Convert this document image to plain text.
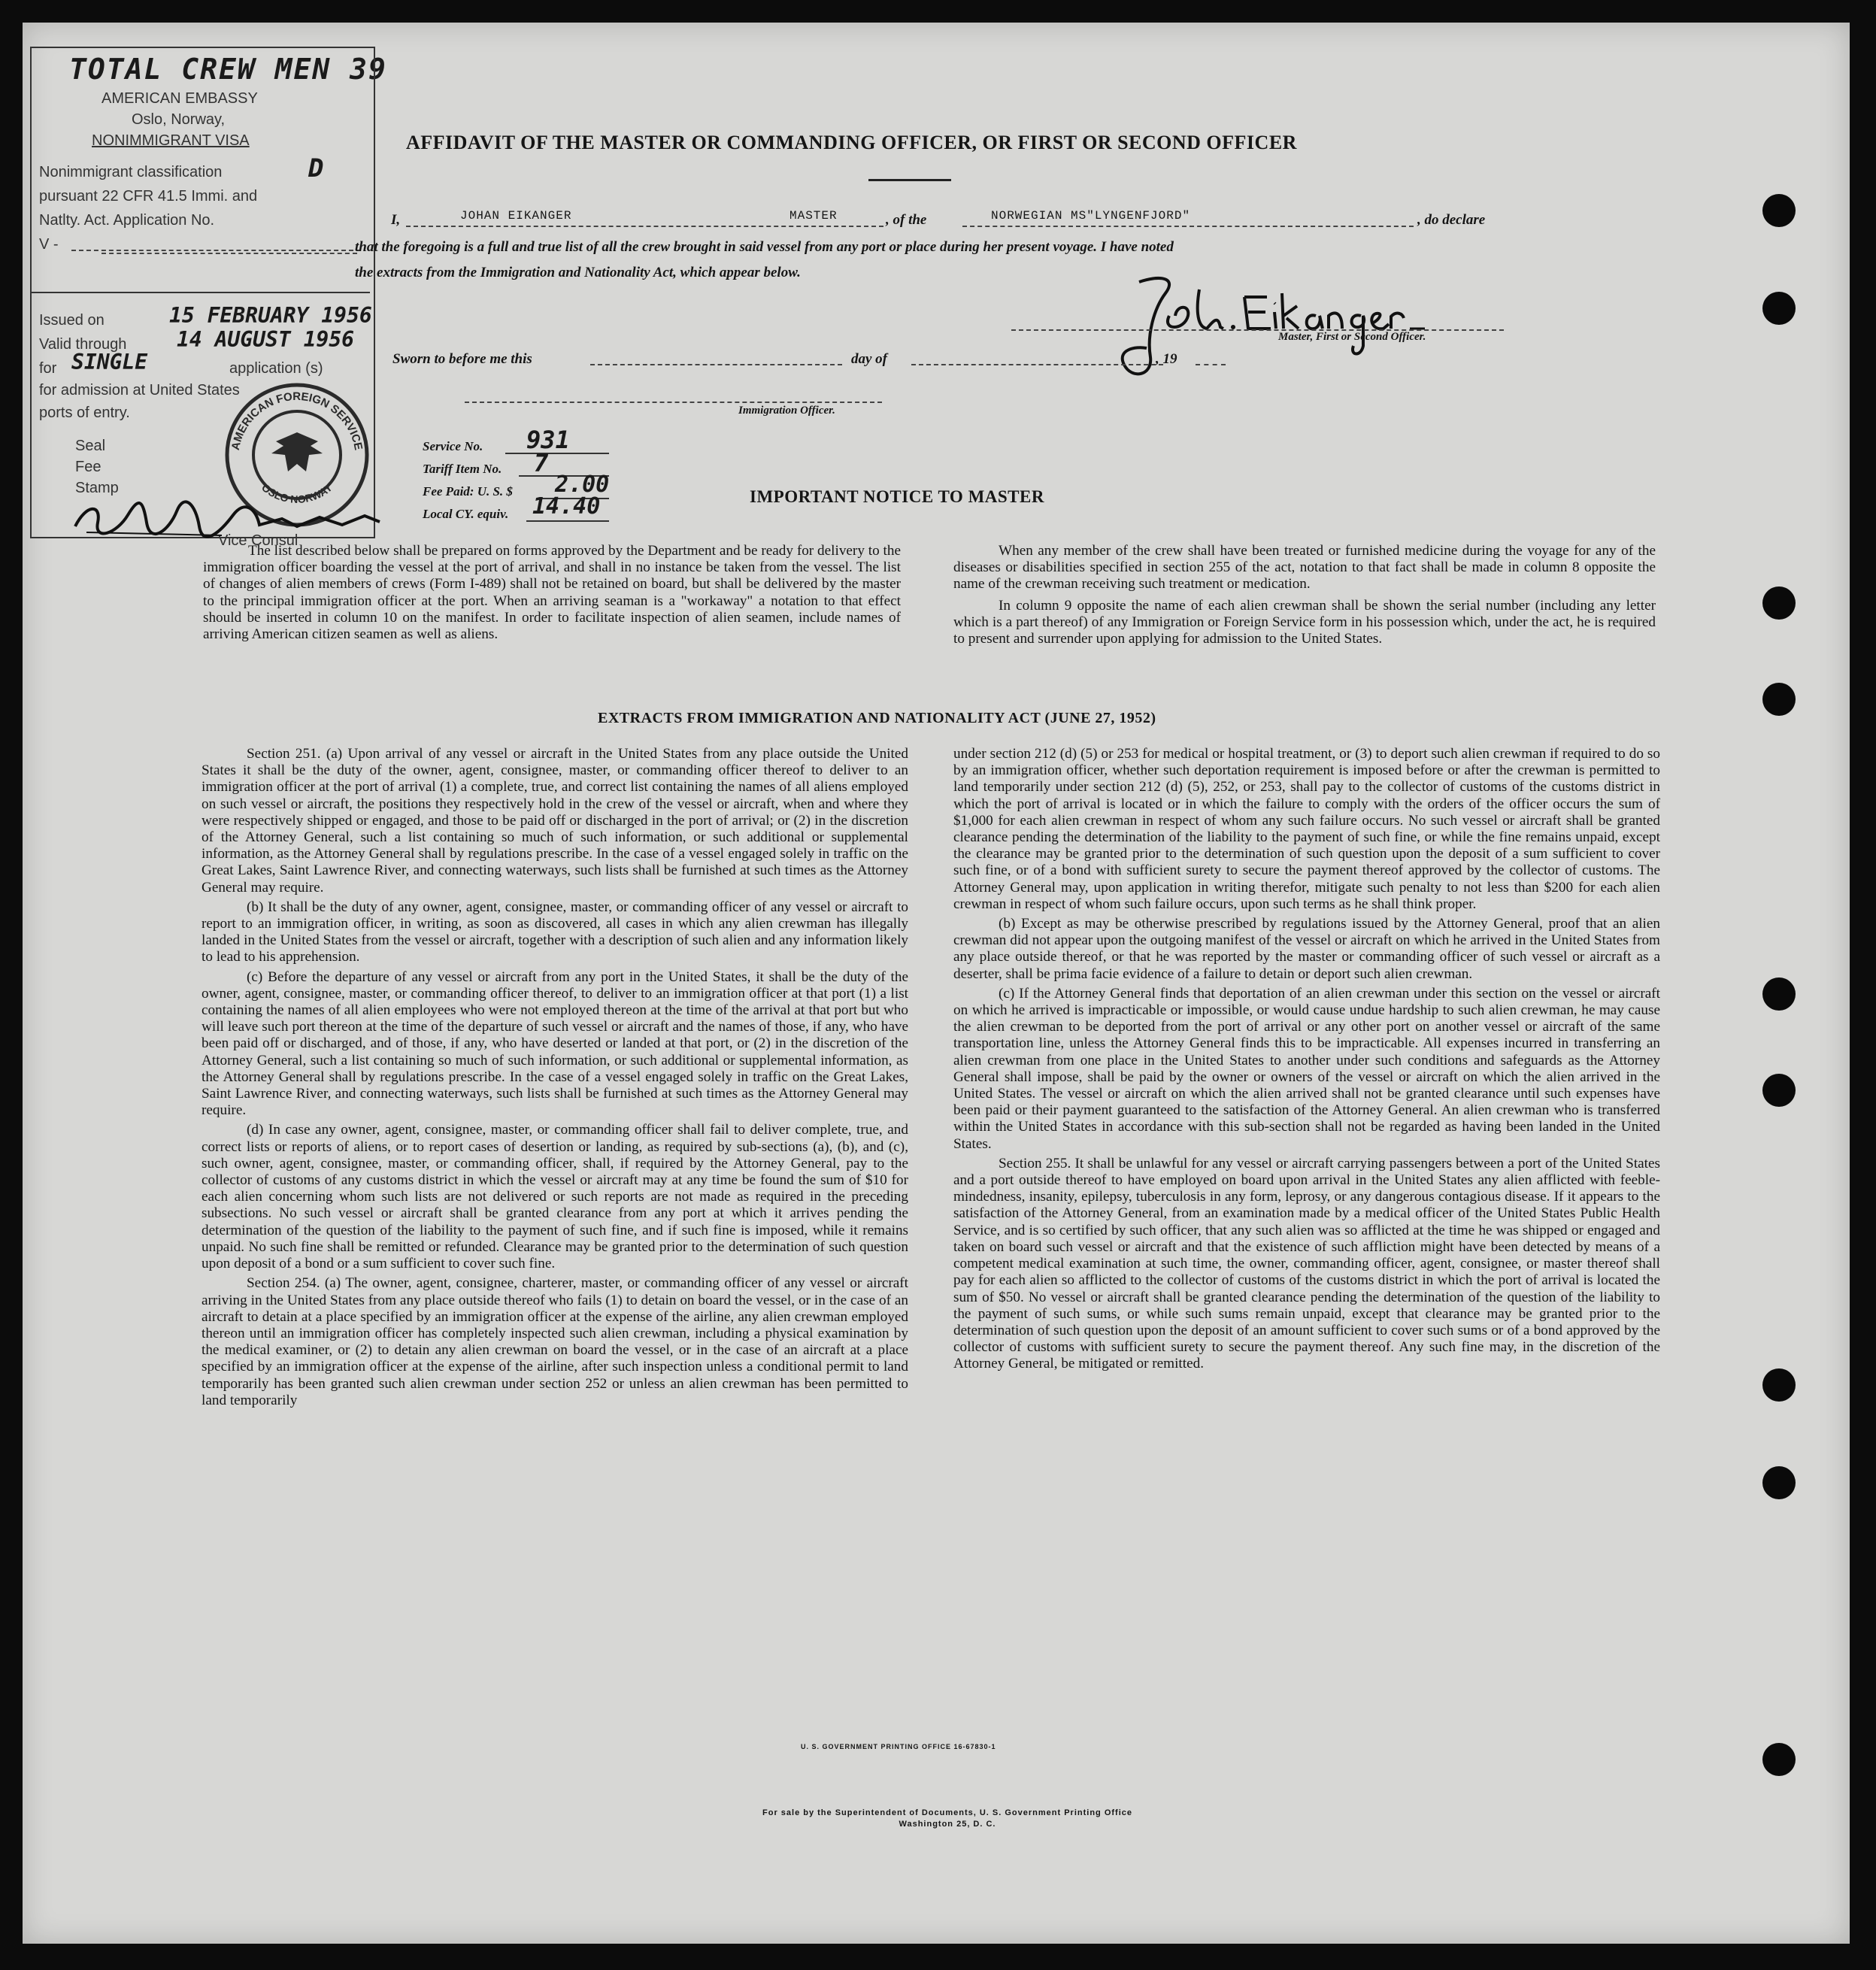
TOTAL CREW MEN 39
AMERICAN EMBASSY
Oslo, Norway,
NONIMMIGRANT VISA
Nonimmigrant classification	D
pursuant 22 CFR 41.5 Immi. and
Natlty. Act. Application No.
V -
Issued on	15 FEBRUARY 1956
Valid through 14 AUGUST 1956
for SINGLE	application (s)
for admission at United States
ports of entry.
Seal
Fee
Stamp
Vice Consul
AMERICAN FOREIGN SERVICE
OSLO NORWAY
AFFIDAVIT OF THE MASTER OR COMMANDING OFFICER, OR FIRST OR SECOND OFFICER
I,	JOHAN EIKANGER	MASTER	, of the	NORWEGIAN MS"LYNGENFJORD"	, do declare
that the foregoing is a full and true list of all the crew brought in said vessel from any port or place during her present voyage. I have noted
the extracts from the Immigration and Nationality Act, which appear below.
Master, First or Second Officer.
Sworn to before me this	day of	, 19
Immigration Officer.
Service No. 931
Tariff Item No. 7
Fee Paid: U. S. $ 2.00
Local CY. equiv. 14.40	IMPORTANT NOTICE TO MASTER

The list described below shall be prepared on forms approved by the Department and be ready for delivery to the immigration officer boarding the vessel at the port of arrival, and shall in no instance be taken from the vessel. The list of changes of alien members of crews (Form I-489) shall not be retained on board, but shall be delivered by the master to the principal immigration officer at the port. When an arriving seaman is a "workaway" a notation to that effect should be inserted in column 10 on the manifest. In order to facilitate inspection of alien seamen, include names of arriving American citizen seamen as well as aliens.

When any member of the crew shall have been treated or furnished medicine during the voyage for any of the diseases or disabilities specified in section 255 of the act, notation to that fact shall be made in column 8 opposite the name of the crewman receiving such treatment or medication.

In column 9 opposite the name of each alien crewman shall be shown the serial number (including any letter which is a part thereof) of any Immigration or Foreign Service form in his possession which, under the act, he is required to present and surrender upon applying for admission to the United States.

EXTRACTS FROM IMMIGRATION AND NATIONALITY ACT (JUNE 27, 1952)

Section 251. (a) Upon arrival of any vessel or aircraft in the United States from any place outside the United States it shall be the duty of the owner, agent, consignee, master, or commanding officer thereof to deliver to an immigration officer at the port of arrival (1) a complete, true, and correct list containing the names of all aliens employed on such vessel or aircraft, the positions they respectively hold in the crew of the vessel or aircraft, when and where they were respectively shipped or engaged, and those to be paid off or discharged in the port of arrival; or (2) in the discretion of the Attorney General, such a list containing so much of such information, or such additional or supplemental information, as the Attorney General shall by regulations prescribe. In the case of a vessel engaged solely in traffic on the Great Lakes, Saint Lawrence River, and connecting waterways, such lists shall be furnished at such times as the Attorney General may require.

(b) It shall be the duty of any owner, agent, consignee, master, or commanding officer of any vessel or aircraft to report to an immigration officer, in writing, as soon as discovered, all cases in which any alien crewman has illegally landed in the United States from the vessel or aircraft, together with a description of such alien and any information likely to lead to his apprehension.

(c) Before the departure of any vessel or aircraft from any port in the United States, it shall be the duty of the owner, agent, consignee, master, or commanding officer thereof, to deliver to an immigration officer at that port (1) a list containing the names of all alien employees who were not employed thereon at the time of the arrival at that port but who will leave such port thereon at the time of the departure of such vessel or aircraft and the names of those, if any, who have been paid off or discharged, and of those, if any, who have deserted or landed at that port, or (2) in the discretion of the Attorney General, such a list containing so much of such information, or such additional or supplemental information, as the Attorney General shall by regulations prescribe. In the case of a vessel engaged solely in traffic on the Great Lakes, Saint Lawrence River, and connecting waterways, such lists shall be furnished at such times as the Attorney General may require.

(d) In case any owner, agent, consignee, master, or commanding officer shall fail to deliver complete, true, and correct lists or reports of aliens, or to report cases of desertion or landing, as required by sub-sections (a), (b), and (c), such owner, agent, consignee, master, or commanding officer, shall, if required by the Attorney General, pay to the collector of customs of any customs district in which the vessel or aircraft may at any time be found the sum of $10 for each alien concerning whom such lists are not delivered or such reports are not made as required in the preceding subsections. No such vessel or aircraft shall be granted clearance from any port at which it arrives pending the determination of the question of the liability to the payment of such fine, and if such fine is imposed, while it remains unpaid. No such fine shall be remitted or refunded. Clearance may be granted prior to the determination of such question upon deposit of a bond or a sum sufficient to cover such fine.

Section 254. (a) The owner, agent, consignee, charterer, master, or commanding officer of any vessel or aircraft arriving in the United States from any place outside thereof who fails (1) to detain on board the vessel, or in the case of an aircraft to detain at a place specified by an immigration officer at the expense of the airline, any alien crewman employed thereon until an immigration officer has completely inspected such alien crewman, including a physical examination by the medical examiner, or (2) to detain any alien crewman on board the vessel, or in the case of an aircraft at a place specified by an immigration officer at the expense of the airline, after such inspection unless a conditional permit to land temporarily has been granted such alien crewman under section 252 or unless an alien crewman has been permitted to land temporarily

under section 212 (d) (5) or 253 for medical or hospital treatment, or (3) to deport such alien crewman if required to do so by an immigration officer, whether such deportation requirement is imposed before or after the crewman is permitted to land temporarily under section 212 (d) (5), 252, or 253, shall pay to the collector of customs of the customs district in which the port of arrival is located or in which the failure to comply with the orders of the officer occurs the sum of $1,000 for each alien crewman in respect of whom any such failure occurs. No such vessel or aircraft shall be granted clearance pending the determination of the liability to the payment of such fine, or while the fine remains unpaid, except the clearance may be granted prior to the determination of such question upon the deposit of a sum sufficient to cover such fine, or of a bond with sufficient surety to secure the payment thereof approved by the collector of customs. The Attorney General may, upon application in writing therefor, mitigate such penalty to not less than $200 for each alien crewman in respect of whom such failure occurs, upon such terms as he shall think proper.

(b) Except as may be otherwise prescribed by regulations issued by the Attorney General, proof that an alien crewman did not appear upon the outgoing manifest of the vessel or aircraft on which he arrived in the United States from any place outside thereof, or that he was reported by the master or commanding officer of such vessel or aircraft as a deserter, shall be prima facie evidence of a failure to detain or deport such alien crewman.

(c) If the Attorney General finds that deportation of an alien crewman under this section on the vessel or aircraft on which he arrived is impracticable or impossible, or would cause undue hardship to such alien crewman, he may cause the alien crewman to be deported from the port of arrival or any other port on another vessel or aircraft of the same transportation line, unless the Attorney General finds this to be impracticable. All expenses incurred in transferring an alien crewman from one place in the United States to another under such conditions and safeguards as the Attorney General shall impose, shall be paid by the owner or owners of the vessel or aircraft on which the alien arrived in the United States. The vessel or aircraft on which the alien arrived shall not be granted clearance until such expenses have been paid or their payment guaranteed to the satisfaction of the Attorney General. An alien crewman who is transferred within the United States in accordance with this sub-section shall not be regarded as having been landed in the United States.

Section 255. It shall be unlawful for any vessel or aircraft carrying passengers between a port of the United States and a port outside thereof to have employed on board upon arrival in the United States any alien afflicted with feeble-mindedness, insanity, epilepsy, tuberculosis in any form, leprosy, or any dangerous contagious disease. If it appears to the satisfaction of the Attorney General, from an examination made by a medical officer of the United States Public Health Service, and is so certified by such officer, that any such alien was so afflicted at the time he was shipped or engaged and taken on board such vessel or aircraft and that the existence of such affliction might have been detected by means of a competent medical examination at such time, the owner, commanding officer, agent, consignee, or master thereof shall pay for each alien so afflicted to the collector of customs of the customs district in which the port of arrival is located the sum of $50. No vessel or aircraft shall be granted clearance pending the determination of the question of the liability to the payment of such sums, or while such sums remain unpaid, except that clearance may be granted prior to the determination of such question upon the deposit of an amount sufficient to cover such sums or of a bond approved by the collector of customs with sufficient surety to secure the payment thereof. Any such fine may, in the discretion of the Attorney General, be mitigated or remitted.

U. S. GOVERNMENT PRINTING OFFICE 16-67830-1
For sale by the Superintendent of Documents, U. S. Government Printing Office
Washington 25, D. C.
